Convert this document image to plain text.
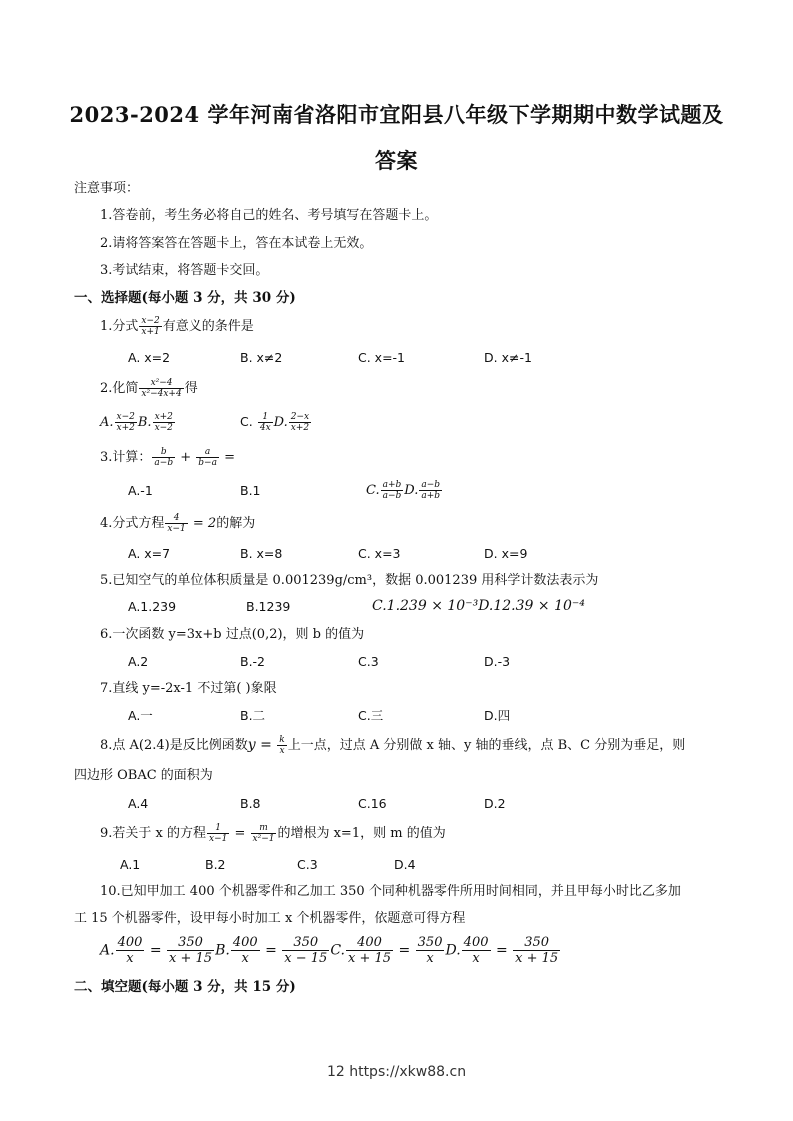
2023-2024 学年河南省洛阳市宜阳县八年级下学期期中数学试题及答案
注意事项：
1.答卷前，考生务必将自己的姓名、考号填写在答题卡上。
2.请将答案答在答题卡上，答在本试卷上无效。
3.考试结束，将答题卡交回。
一、选择题(每小题 3 分，共 30 分)
1.分式 $\frac{x-2}{x+1}$ 有意义的条件是
A. x=2	B. x≠2	C. x=-1	D. x≠-1
2.化简 $\frac{\text{x²−4}}{\text{x²−4x+4}}$ 得
A. $\frac{x-2}{x+2} B$. $\frac{x+2}{x-2}$	C. $\frac{1}{4x} D$. $\frac{2-x}{x+2}$
3.计算： $\frac{b}{a-b} + \frac{a}{b-a}$ =
A.-1	B.1	C. $\frac{a+b}{a-b} D$. $\frac{a-b}{a+b}$
4.分式方程 $\frac{4}{x-1} = 2$的解为
A. x=7	B. x=8	C. x=3	D. x=9
5.已知空气的单位体积质量是 0.001239g/cm³，数据 0.001239 用科学计数法表示为
A.1.239	B.1239	C.1.239 × 10⁻³D.12.39 × 10⁻⁴
6.一次函数 y=3x+b 过点(0,2)，则 b 的值为
A.2	B.-2	C.3	D.-3
7.直线 y=-2x-1 不过第( )象限
A.一	B.二	C.三	D.四
8.点 A(2.4)是反比例函数$y = \frac{k}{x}$ 上一点，过点 A 分别做 x 轴、y 轴的垂线，点 B、C 分别为垂足，则
四边形 OBAC 的面积为
A.4	B.8	C.16	D.2
9.若关于 x 的方程 $\frac{1}{x-1} = \frac{m}{\text{x²−1}}$ 的增根为 x=1，则 m 的值为
A.1	B.2	C.3	D.4
10.已知甲加工 400 个机器零件和乙加工 350 个同种机器零件所用时间相同，并且甲每小时比乙多加
工 15 个机器零件，设甲每小时加工 x 个机器零件，依题意可得方程
A. $\frac{400}{x} = \frac{350}{x + 15} B$. $\frac{400}{x} = \frac{350}{x - 15} C$. $\frac{400}{x + 15} = \frac{350}{x} D$. $\frac{400}{x} = \frac{350}{x + 15}$
二、填空题(每小题 3 分，共 15 分)
12 https://xkw88.cn
